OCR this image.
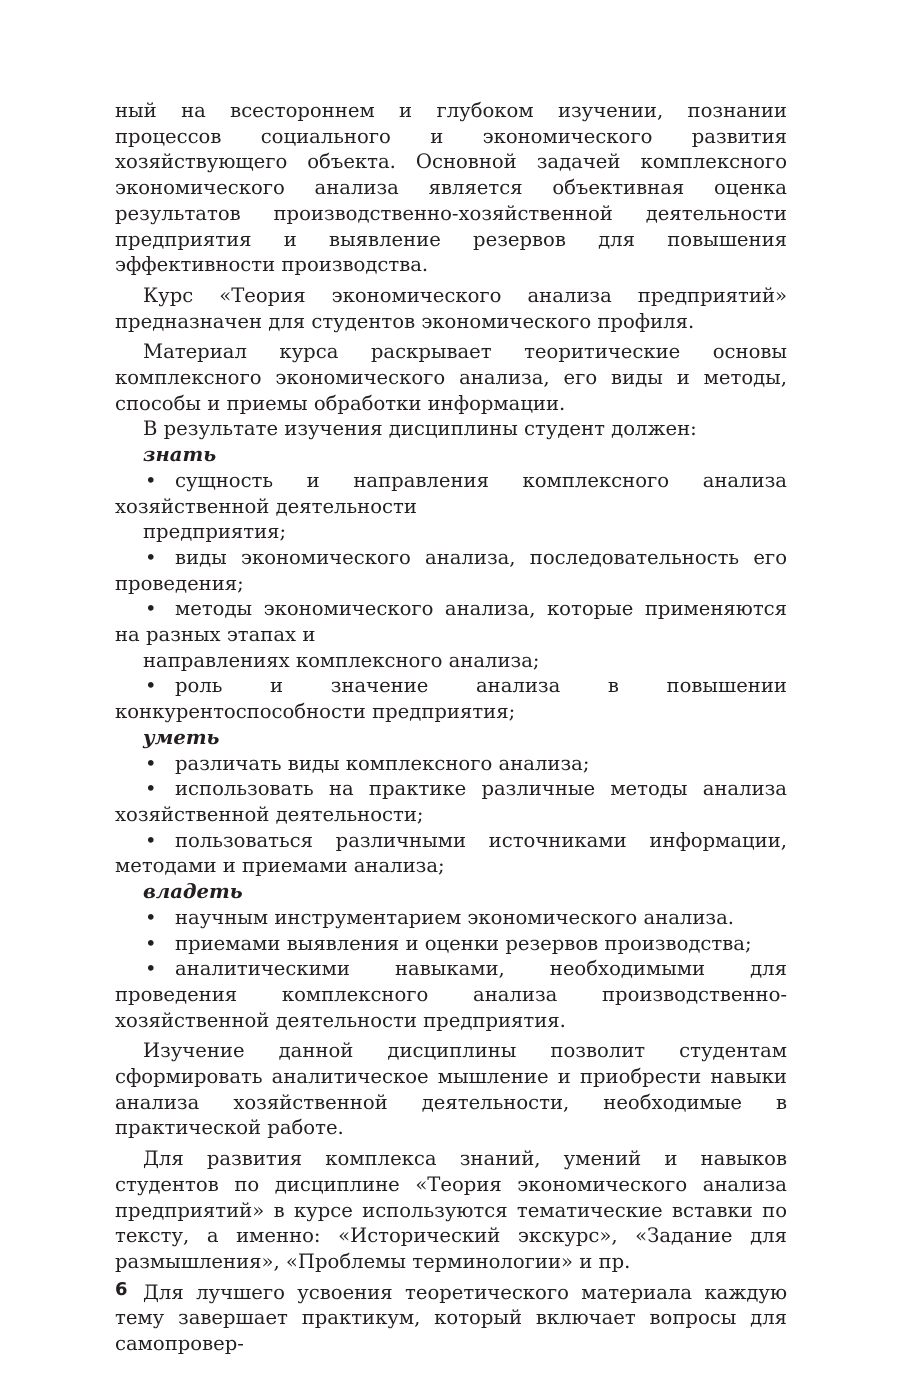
ный на всестороннем и глубоком изучении, познании процессов социального и экономического развития хозяйствующего объекта. Основной задачей комплексного экономического анализа является объективная оценка результатов производственно-хозяйственной деятельности предприятия и выявление резервов для повышения эффективности производства.

Курс «Теория экономического анализа предприятий» предназначен для студентов экономического профиля.

Материал курса раскрывает теоритические основы комплексного экономического анализа, его виды и методы, способы и приемы обработки информации.

В результате изучения дисциплины студент должен:

знать

• сущность и направления комплексного анализа хозяйственной деятельности

предприятия;

• виды экономического анализа, последовательность его проведения;

• методы экономического анализа, которые применяются на разных этапах и

направлениях комплексного анализа;

• роль и значение анализа в повышении конкурентоспособности предприятия;

уметь

• различать виды комплексного анализа;

• использовать на практике различные методы анализа хозяйственной деятельности;

• пользоваться различными источниками информации, методами и приемами анализа;

владеть

• научным инструментарием экономического анализа.

• приемами выявления и оценки резервов производства;

• аналитическими навыками, необходимыми для проведения комплексного анализа производственно-хозяйственной деятельности предприятия.

Изучение данной дисциплины позволит студентам сформировать аналитическое мышление и приобрести навыки анализа хозяйственной деятельности, необходимые в практической работе.

Для развития комплекса знаний, умений и навыков студентов по дисциплине «Теория экономического анализа предприятий» в курсе используются тематические вставки по тексту, а именно: «Исторический экскурс», «Задание для размышления», «Проблемы терминологии» и пр.

Для лучшего усвоения теоретического материала каждую тему завершает практикум, который включает вопросы для самопровер-

6
